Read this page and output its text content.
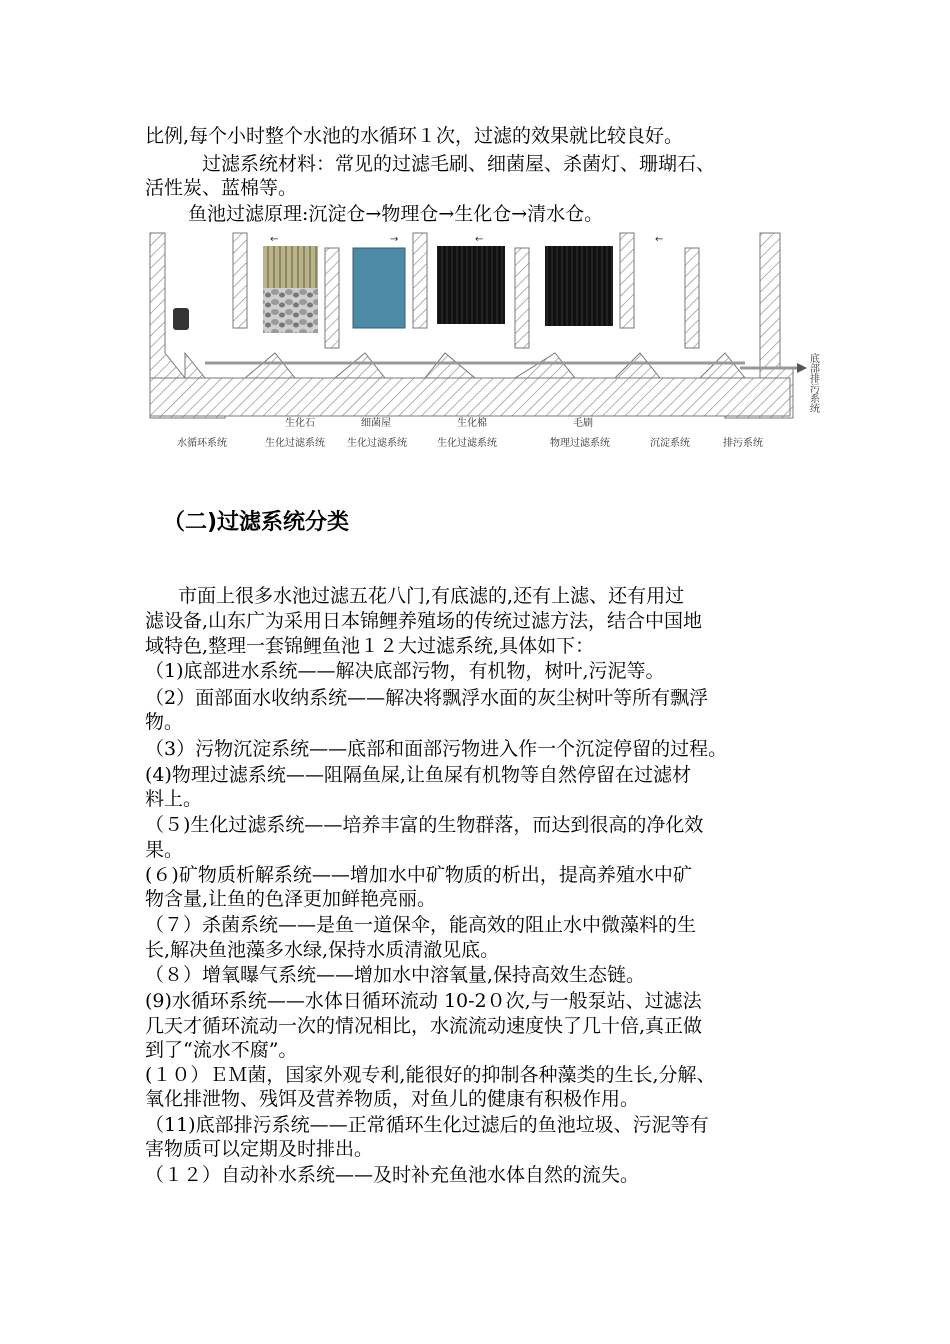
比例,每个小时整个水池的水循环１次，过滤的效果就比较良好。
过滤系统材料：常见的过滤毛刷、细菌屋、杀菌灯、珊瑚石、
活性炭、蓝棉等。
鱼池过滤原理:沉淀仓→物理仓→生化仓→清水仓。
←	→	←	←
底部排污系统
生化石	细菌屋	生化棉	毛刷
水循环系统	生化过滤系统 生化过滤系统	生化过滤系统	物理过滤系统	沉淀系统	排污系统
（二)过滤系统分类
市面上很多水池过滤五花八门,有底滤的,还有上滤、还有用过
滤设备,山东广为采用日本锦鲤养殖场的传统过滤方法，结合中国地
域特色,整理一套锦鲤鱼池１２大过滤系统,具体如下：
（1)底部进水系统——解决底部污物，有机物，树叶,污泥等。
（2）面部面水收纳系统——解决将飘浮水面的灰尘树叶等所有飘浮
物。
（3）污物沉淀系统——底部和面部污物进入作一个沉淀停留的过程。
(4)物理过滤系统——阻隔鱼屎,让鱼屎有机物等自然停留在过滤材
料上。
（５)生化过滤系统——培养丰富的生物群落，而达到很高的净化效
果。
(６)矿物质析解系统——增加水中矿物质的析出，提高养殖水中矿
物含量,让鱼的色泽更加鲜艳亮丽。
（７）杀菌系统——是鱼一道保伞，能高效的阻止水中微藻料的生
长,解决鱼池藻多水绿,保持水质清澈见底。
（８）增氧曝气系统——增加水中溶氧量,保持高效生态链。
(9)水循环系统——水体日循环流动 10-2０次,与一般泵站、过滤法
几天才循环流动一次的情况相比，水流流动速度快了几十倍,真正做
到了“流水不腐”。
(１０）ＥＭ菌，国家外观专利,能很好的抑制各种藻类的生长,分解、
氧化排泄物、残饵及营养物质，对鱼儿的健康有积极作用。
（11)底部排污系统——正常循环生化过滤后的鱼池垃圾、污泥等有
害物质可以定期及时排出。
（１２）自动补水系统——及时补充鱼池水体自然的流失。
